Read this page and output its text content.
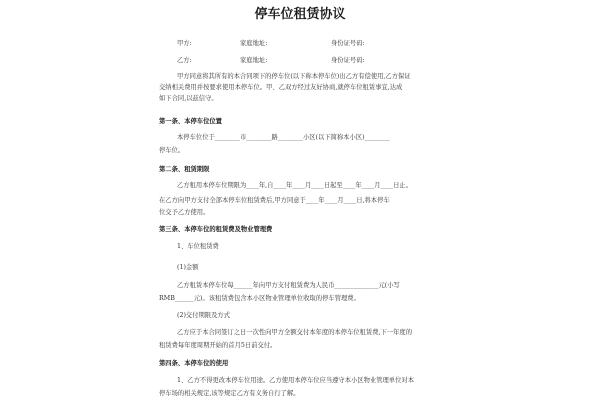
停车位租赁协议
甲方:	家庭地址:	身份证号码:
乙方:	家庭地址:	身份证号码:
甲方同意将其所有的本合同项下的停车位(以下称本停车位)出乙方有偿使用,乙方保证
交纳相关费用并按要求使用本停车位。甲、乙双方经过友好协商,就停车位租赁事宜,达成
如下合同,以兹信守。
第一条、本停车位位置
本停车位位于________市________路________小区(以下简称本小区)________
停车位。
第二条、租赁期限
乙方租用本停车位期限为____年,自____年____月____日起至____年____月____日止。
在乙方向甲方支付全部本停车位租赁费后,甲方同意于____年____月____日,将本停车
位交予乙方使用。
第三条、本停车位的租赁费及物业管理费
1、车位租赁费
(1)金额
乙方租赁本停车位每______年向甲方支付租赁费为人民币______________元(小写
RMB______元)。该租赁费包含本小区物业管理单位收取的停车管理费。
(2)交付期限及方式
乙方应于本合同签订之日一次性向甲方全额交付本年度的本停车位租赁费,下一年度的
租赁费每年度周期开始的首月5日前交付。
第四条、本停车位的使用
1、乙方不得更改本停车位用途。乙方使用本停车位应当遵守本小区物业管理单位对本
停车场的相关规定,该等规定乙方有义务自行了解。
